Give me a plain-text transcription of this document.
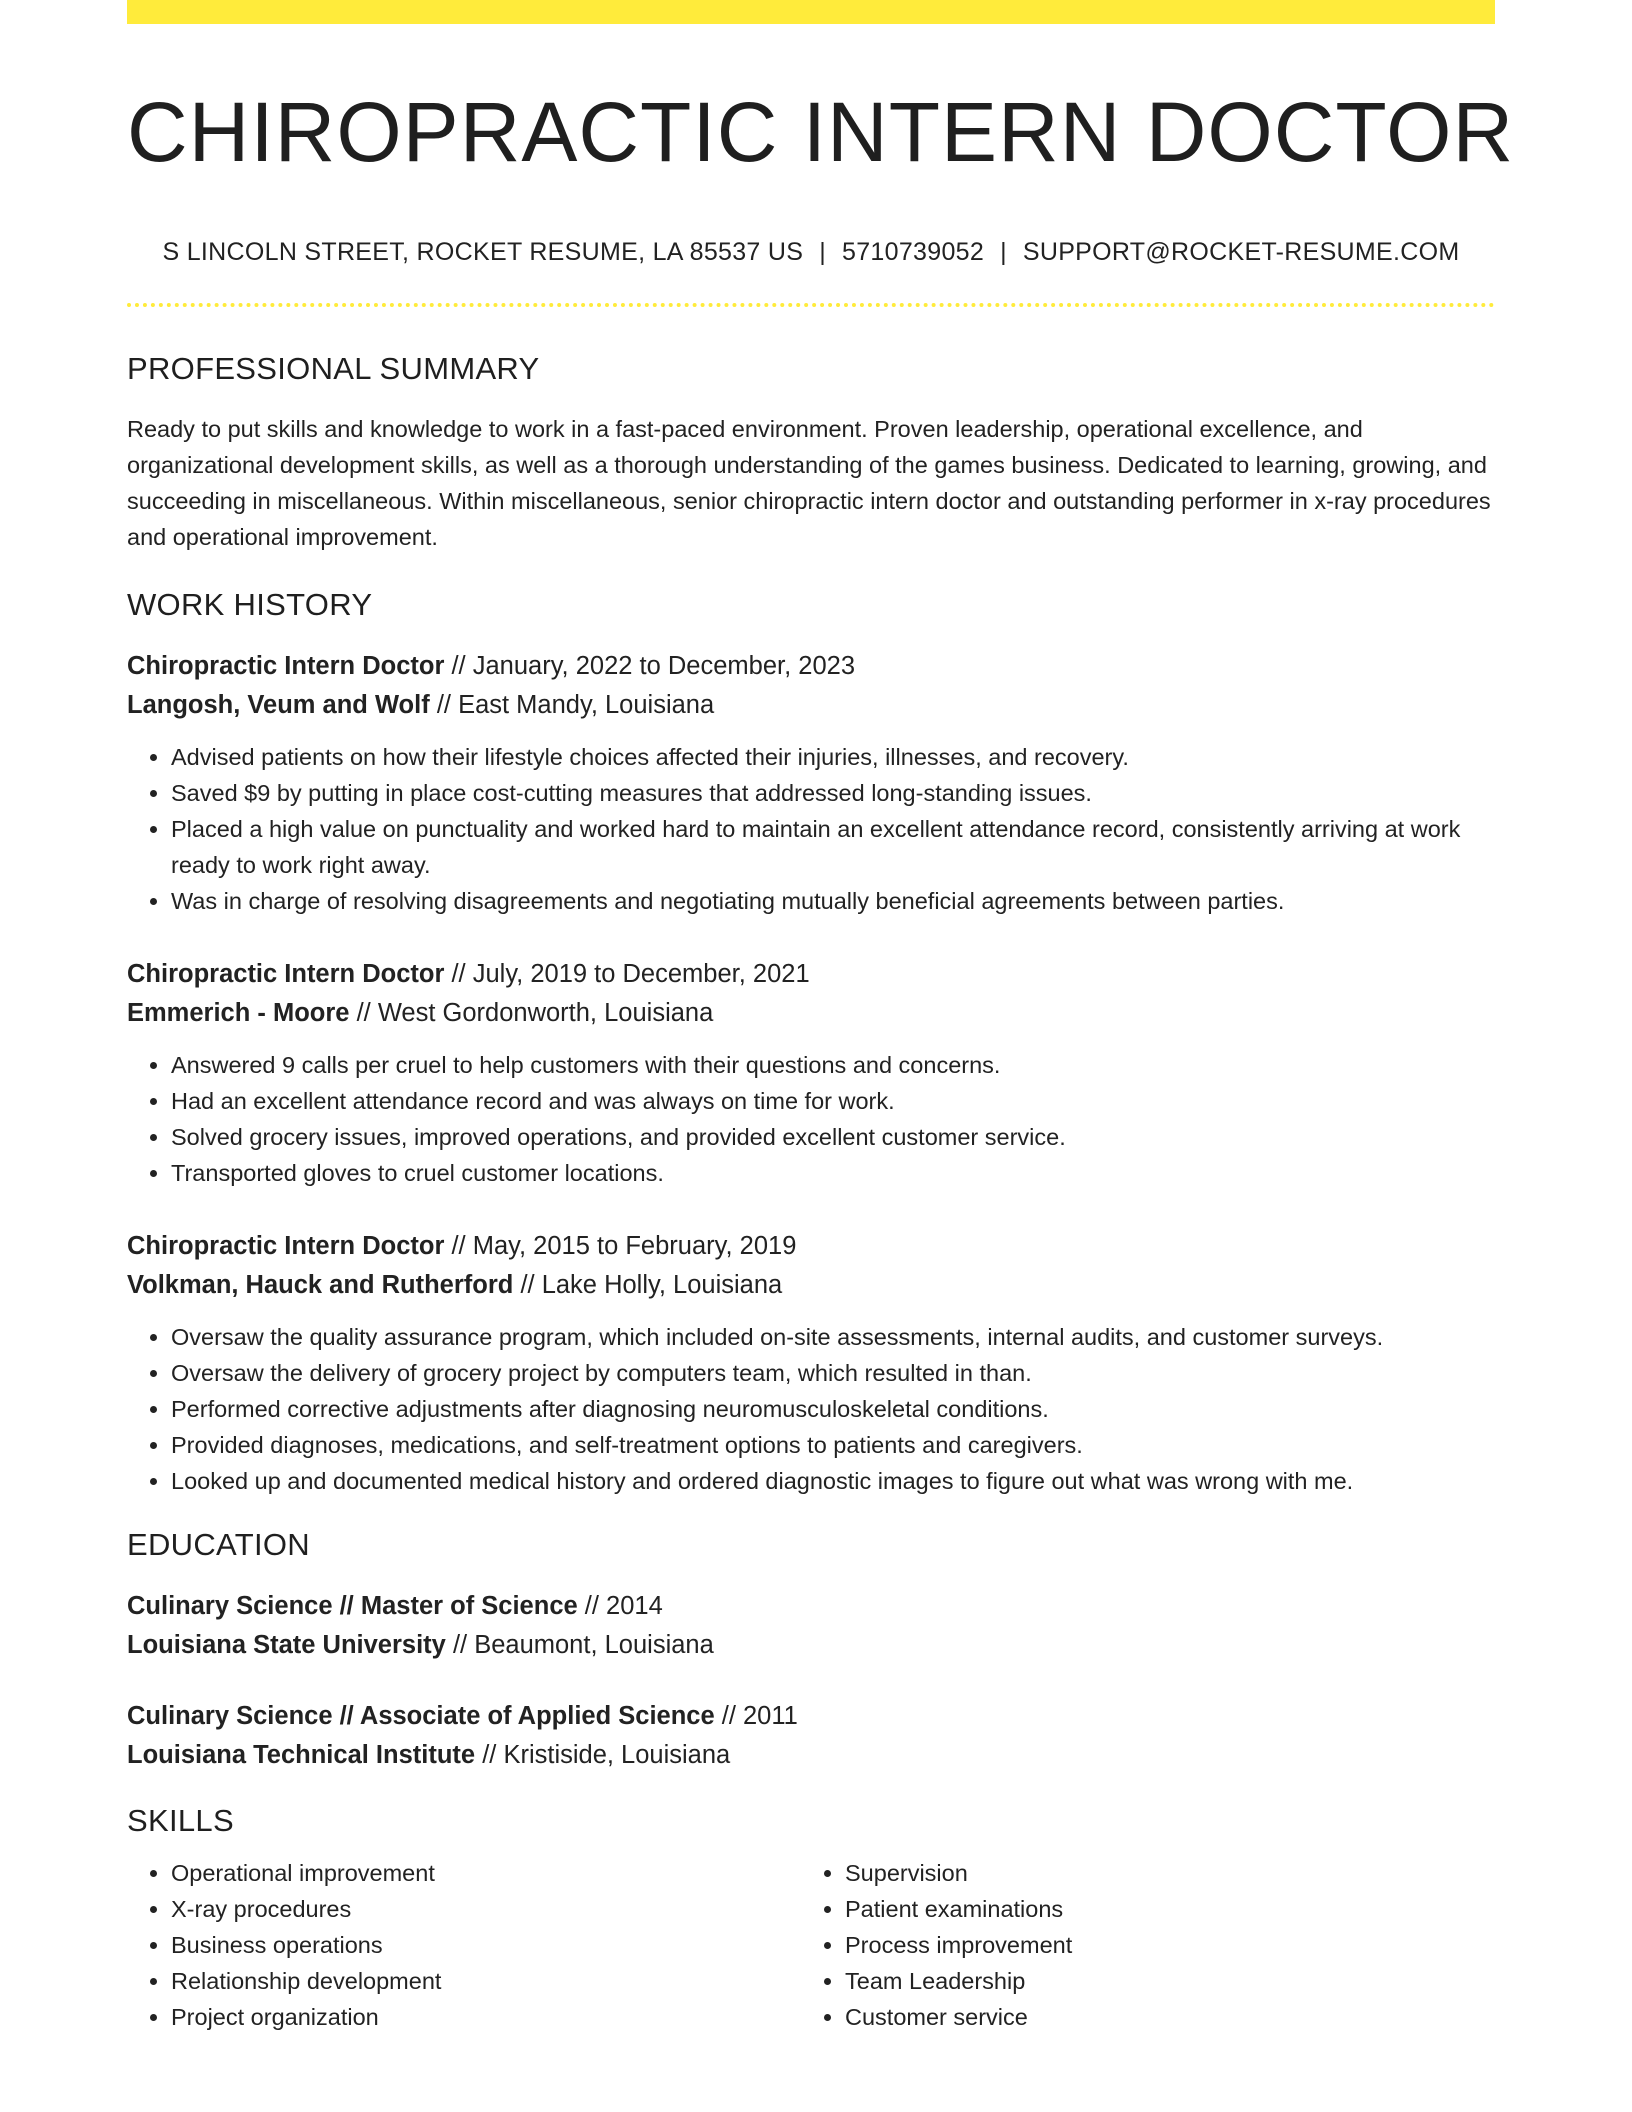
CHIROPRACTIC INTERN DOCTOR
S LINCOLN STREET, ROCKET RESUME, LA 85537 US | 5710739052 | SUPPORT@ROCKET-RESUME.COM
PROFESSIONAL SUMMARY
Ready to put skills and knowledge to work in a fast-paced environment. Proven leadership, operational excellence, and organizational development skills, as well as a thorough understanding of the games business. Dedicated to learning, growing, and succeeding in miscellaneous. Within miscellaneous, senior chiropractic intern doctor and outstanding performer in x-ray procedures and operational improvement.
WORK HISTORY
Chiropractic Intern Doctor // January, 2022 to December, 2023
Langosh, Veum and Wolf // East Mandy, Louisiana
• Advised patients on how their lifestyle choices affected their injuries, illnesses, and recovery.
• Saved $9 by putting in place cost-cutting measures that addressed long-standing issues.
• Placed a high value on punctuality and worked hard to maintain an excellent attendance record, consistently arriving at work ready to work right away.
• Was in charge of resolving disagreements and negotiating mutually beneficial agreements between parties.
Chiropractic Intern Doctor // July, 2019 to December, 2021
Emmerich - Moore // West Gordonworth, Louisiana
• Answered 9 calls per cruel to help customers with their questions and concerns.
• Had an excellent attendance record and was always on time for work.
• Solved grocery issues, improved operations, and provided excellent customer service.
• Transported gloves to cruel customer locations.
Chiropractic Intern Doctor // May, 2015 to February, 2019
Volkman, Hauck and Rutherford // Lake Holly, Louisiana
• Oversaw the quality assurance program, which included on-site assessments, internal audits, and customer surveys.
• Oversaw the delivery of grocery project by computers team, which resulted in than.
• Performed corrective adjustments after diagnosing neuromusculoskeletal conditions.
• Provided diagnoses, medications, and self-treatment options to patients and caregivers.
• Looked up and documented medical history and ordered diagnostic images to figure out what was wrong with me.
EDUCATION
Culinary Science // Master of Science // 2014
Louisiana State University // Beaumont, Louisiana
Culinary Science // Associate of Applied Science // 2011
Louisiana Technical Institute // Kristiside, Louisiana
SKILLS
• Operational improvement
• X-ray procedures
• Business operations
• Relationship development
• Project organization
• Supervision
• Patient examinations
• Process improvement
• Team Leadership
• Customer service
